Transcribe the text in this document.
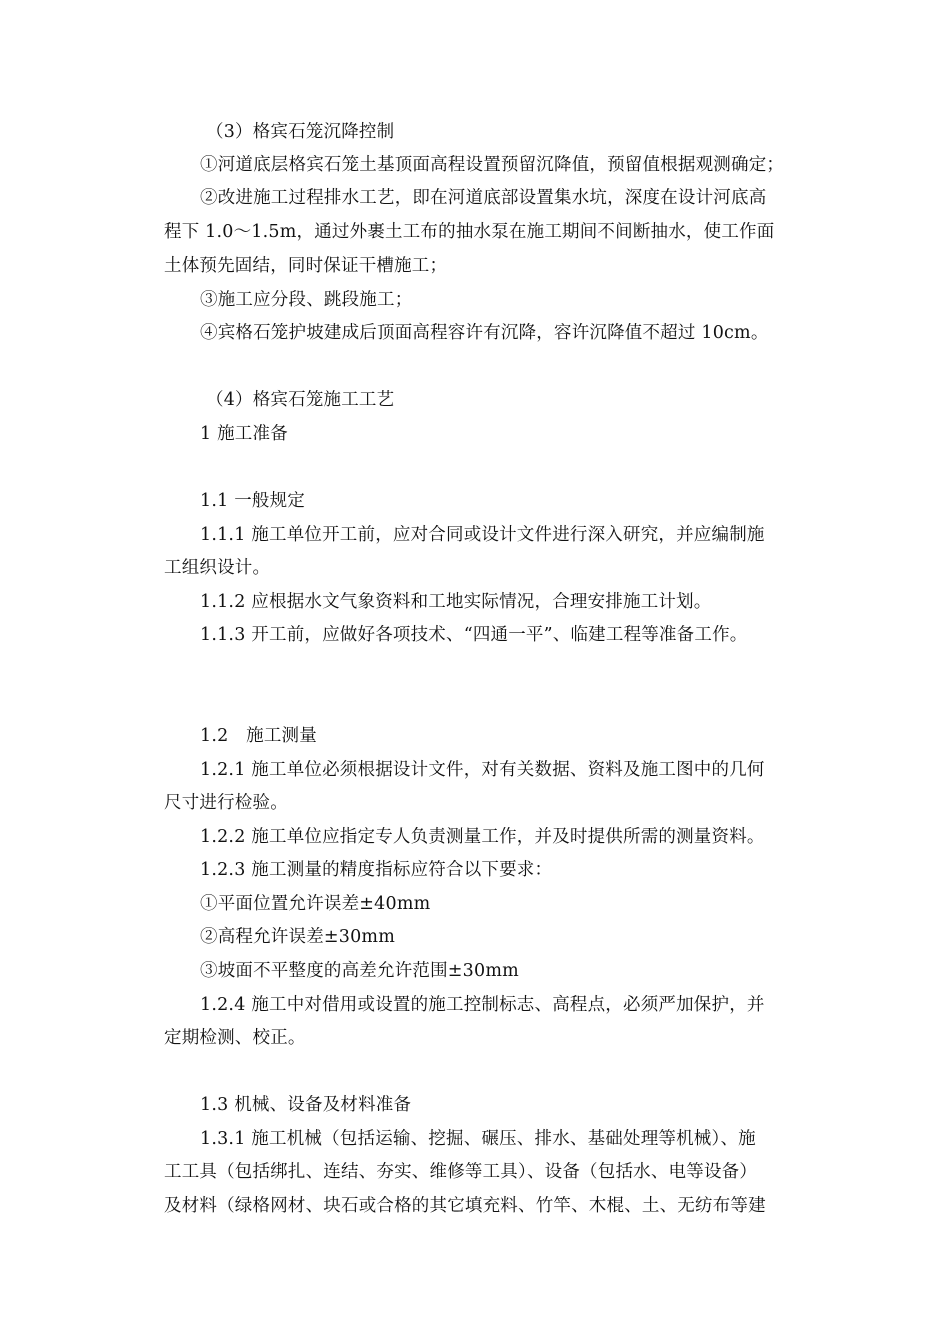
（3）格宾石笼沉降控制
①河道底层格宾石笼土基顶面高程设置预留沉降值，预留值根据观测确定；
②改进施工过程排水工艺，即在河道底部设置集水坑，深度在设计河底高
程下 1.0～1.5m，通过外裹土工布的抽水泵在施工期间不间断抽水，使工作面
土体预先固结，同时保证干槽施工；
③施工应分段、跳段施工；
④宾格石笼护坡建成后顶面高程容许有沉降，容许沉降值不超过 10cm。
（4）格宾石笼施工工艺
1 施工准备
1.1 一般规定
1.1.1 施工单位开工前，应对合同或设计文件进行深入研究，并应编制施
工组织设计。
1.1.2 应根据水文气象资料和工地实际情况，合理安排施工计划。
1.1.3 开工前，应做好各项技术、“四通一平”、临建工程等准备工作。
1.2　施工测量
1.2.1 施工单位必须根据设计文件，对有关数据、资料及施工图中的几何
尺寸进行检验。
1.2.2 施工单位应指定专人负责测量工作，并及时提供所需的测量资料。
1.2.3 施工测量的精度指标应符合以下要求：
①平面位置允许误差±40mm
②高程允许误差±30mm
③坡面不平整度的高差允许范围±30mm
1.2.4 施工中对借用或设置的施工控制标志、高程点，必须严加保护，并
定期检测、校正。
1.3 机械、设备及材料准备
1.3.1 施工机械（包括运输、挖掘、碾压、排水、基础处理等机械）、施
工工具（包括绑扎、连结、夯实、维修等工具）、设备（包括水、电等设备）
及材料（绿格网材、块石或合格的其它填充料、竹竿、木棍、土、无纺布等建
